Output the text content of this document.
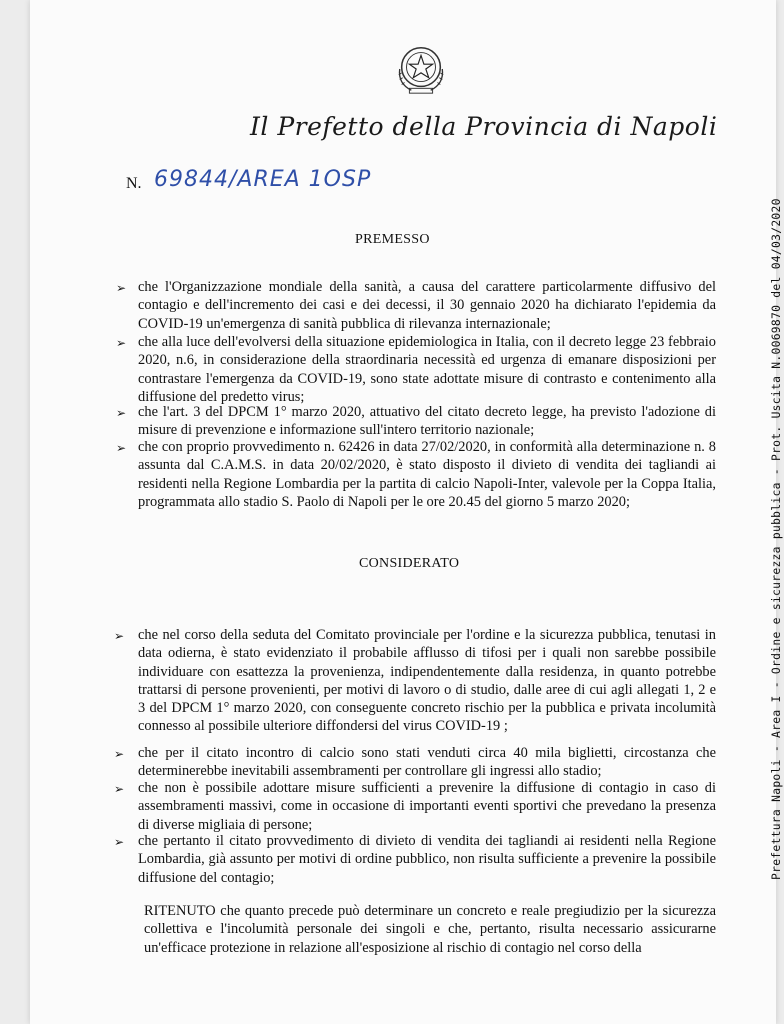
Il Prefetto della Provincia di Napoli
N. 69844/AREA 1OSP
PREMESSO
➢ che l'Organizzazione mondiale della sanità, a causa del carattere particolarmente diffusivo del contagio e dell'incremento dei casi e dei decessi, il 30 gennaio 2020 ha dichiarato l'epidemia da COVID-19 un'emergenza di sanità pubblica di rilevanza internazionale;
➢ che alla luce dell'evolversi della situazione epidemiologica in Italia, con il decreto legge 23 febbraio 2020, n.6, in considerazione della straordinaria necessità ed urgenza di emanare disposizioni per contrastare l'emergenza da COVID-19, sono state adottate misure di contrasto e contenimento alla diffusione del predetto virus;
➢ che l'art. 3 del DPCM 1° marzo 2020, attuativo del citato decreto legge, ha previsto l'adozione di misure di prevenzione e informazione sull'intero territorio nazionale;
➢ che con proprio provvedimento n. 62426 in data 27/02/2020, in conformità alla determinazione n. 8 assunta dal C.A.M.S. in data 20/02/2020, è stato disposto il divieto di vendita dei tagliandi ai residenti nella Regione Lombardia per la partita di calcio Napoli-Inter, valevole per la Coppa Italia, programmata allo stadio S. Paolo di Napoli per le ore 20.45 del giorno 5 marzo 2020;
CONSIDERATO
➢ che nel corso della seduta del Comitato provinciale per l'ordine e la sicurezza pubblica, tenutasi in data odierna, è stato evidenziato il probabile afflusso di tifosi per i quali non sarebbe possibile individuare con esattezza la provenienza, indipendentemente dalla residenza, in quanto potrebbe trattarsi di persone provenienti, per motivi di lavoro o di studio, dalle aree di cui agli allegati 1, 2 e 3 del DPCM 1° marzo 2020, con conseguente concreto rischio per la pubblica e privata incolumità connesso al possibile ulteriore diffondersi del virus COVID-19 ;
➢ che per il citato incontro di calcio sono stati venduti circa 40 mila biglietti, circostanza che determinerebbe inevitabili assembramenti per controllare gli ingressi allo stadio;
➢ che non è possibile adottare misure sufficienti a prevenire la diffusione di contagio in caso di assembramenti massivi, come in occasione di importanti eventi sportivi che prevedano la presenza di diverse migliaia di persone;
➢ che pertanto il citato provvedimento di divieto di vendita dei tagliandi ai residenti nella Regione Lombardia, già assunto per motivi di ordine pubblico, non risulta sufficiente a prevenire la possibile diffusione del contagio;
RITENUTO che quanto precede può determinare un concreto e reale pregiudizio per la sicurezza collettiva e l'incolumità personale dei singoli e che, pertanto, risulta necessario assicurarne un'efficace protezione in relazione all'esposizione al rischio di contagio nel corso della
Prefettura Napoli - Area I - Ordine e sicurezza pubblica - Prot. Uscita N.0069870 del 04/03/2020
